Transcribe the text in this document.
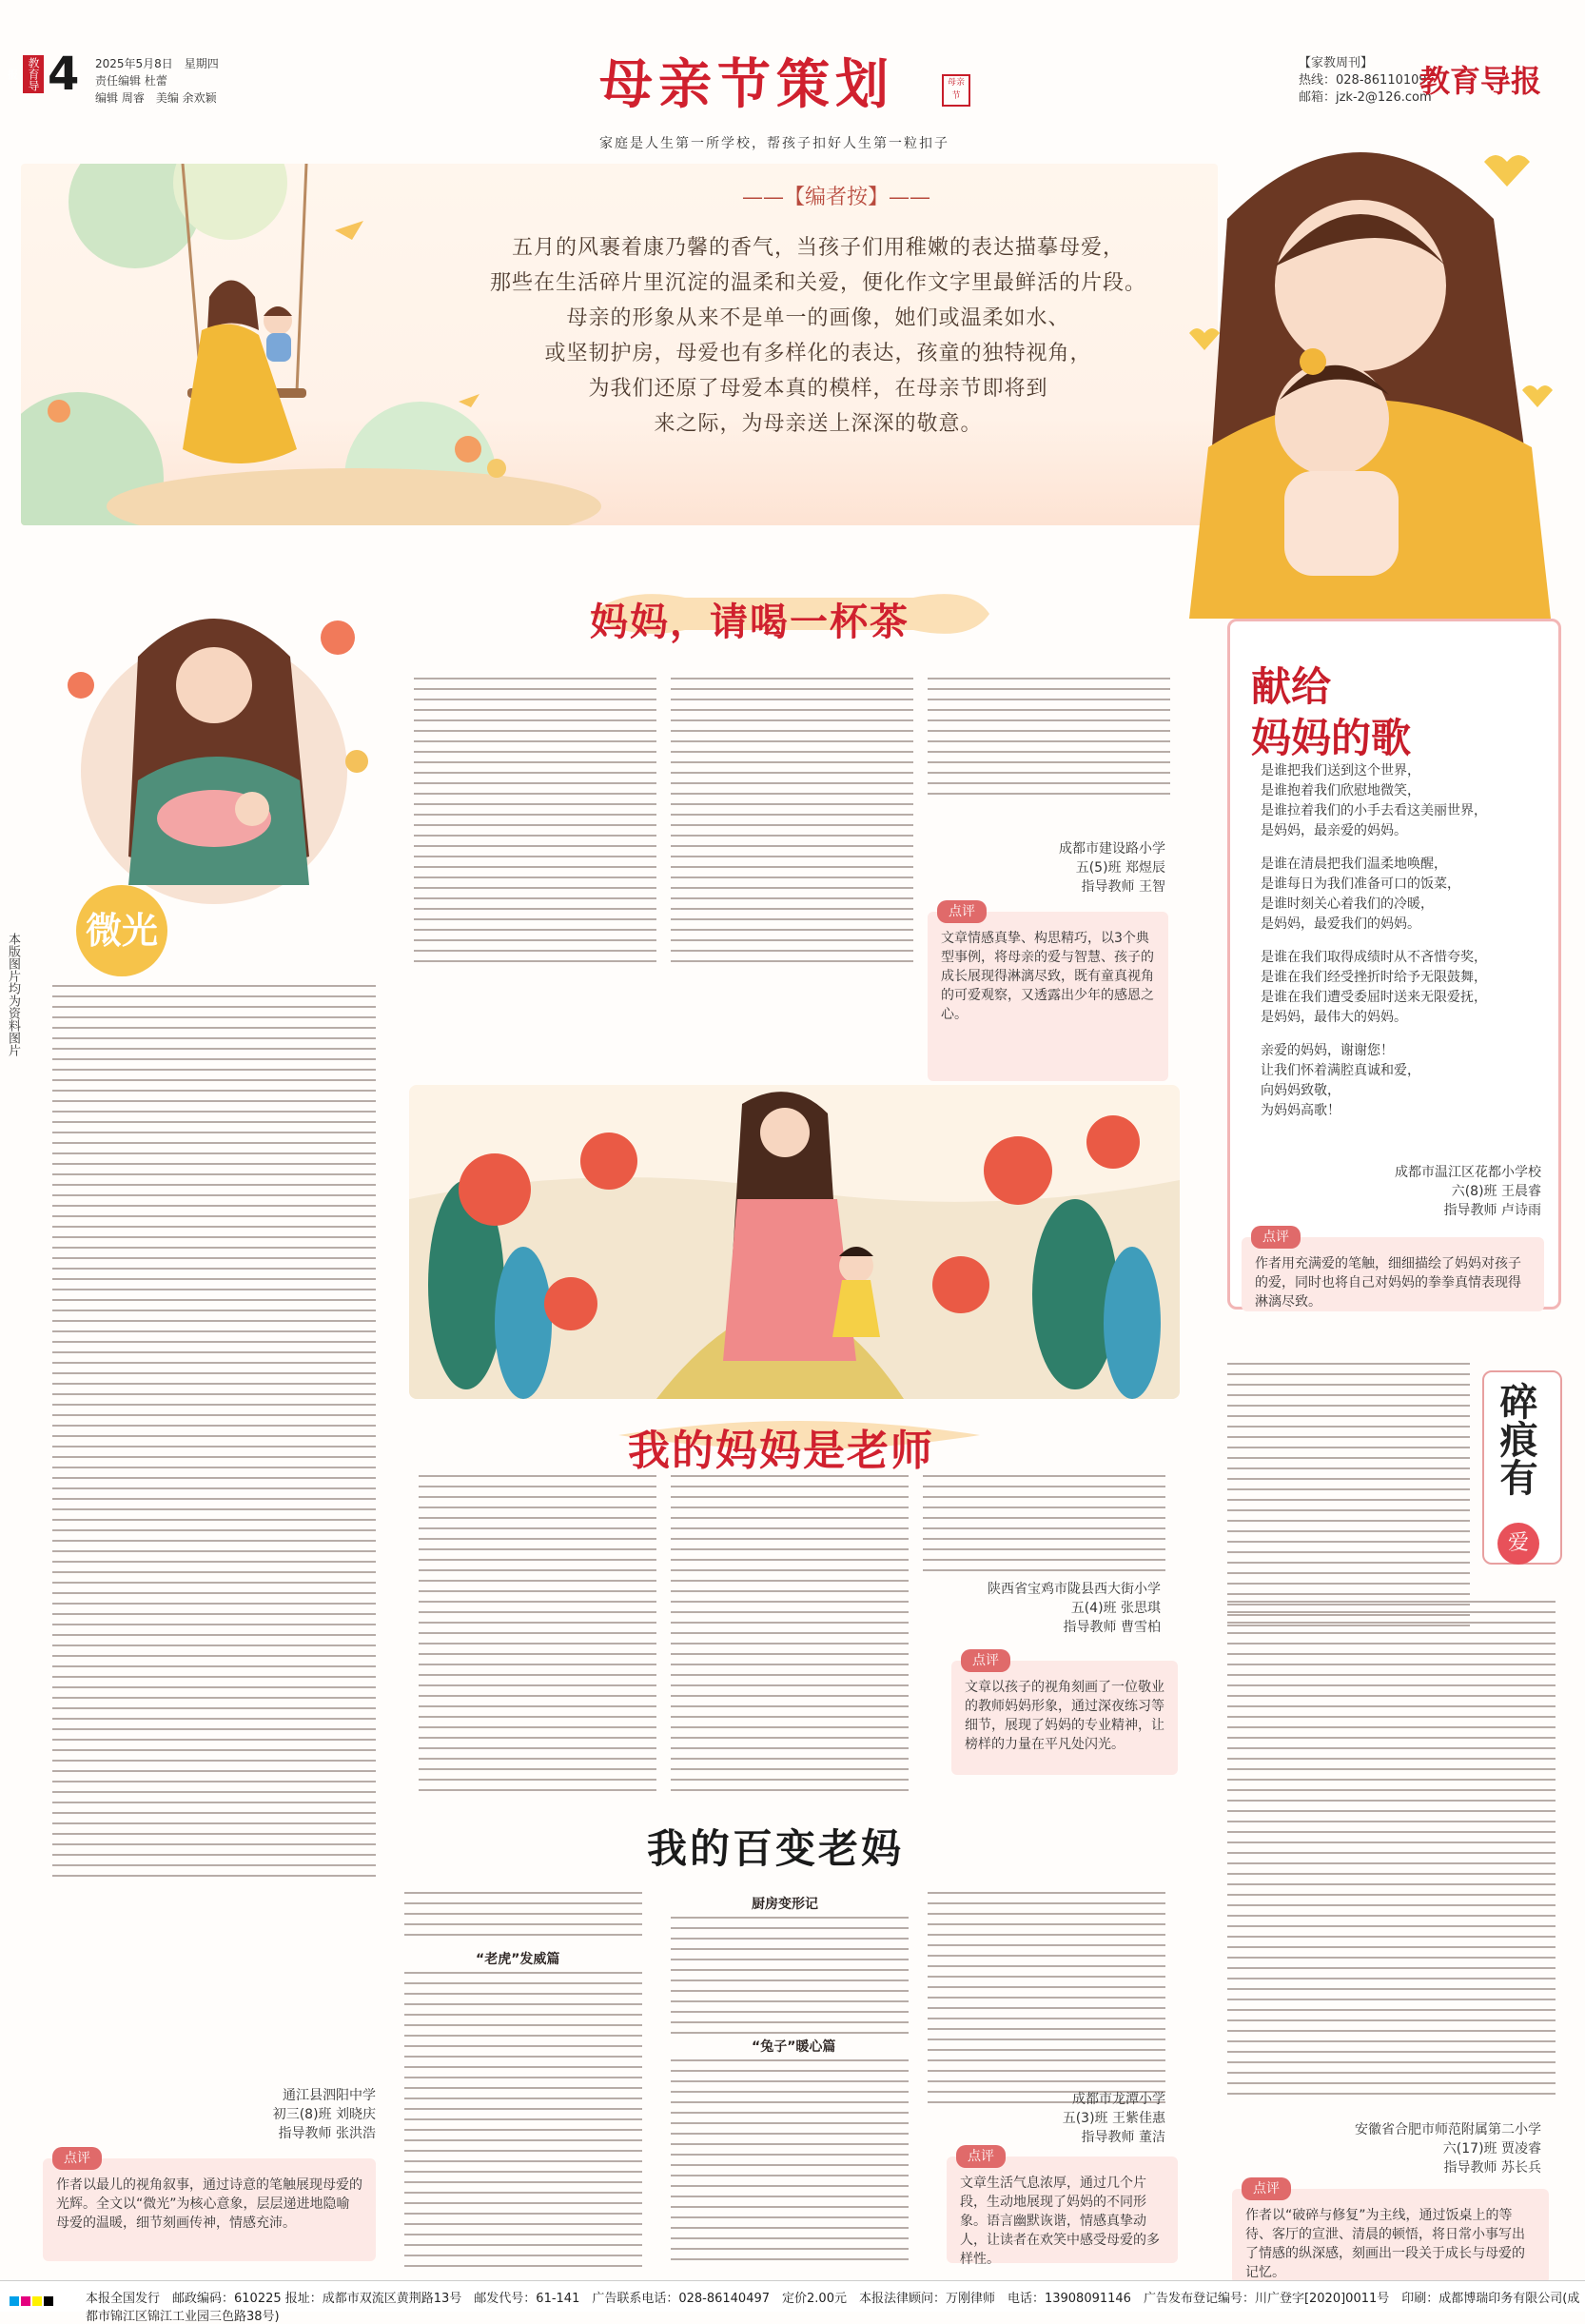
教育导报 4 2025年5月8日　星期四
责任编辑 杜蕾
编辑 周睿　美编 余欢颖	母亲节策划	母亲节
家庭是人生第一所学校，帮孩子扣好人生第一粒扣子
【家教周刊】
热线：028-86110109
邮箱：jzk-2@126.com
教育导报
——【编者按】——
五月的风裹着康乃馨的香气，当孩子们用稚嫩的表达描摹母爱，
那些在生活碎片里沉淀的温柔和关爱，便化作文字里最鲜活的片段。
母亲的形象从来不是单一的画像，她们或温柔如水、
或坚韧护房，母爱也有多样化的表达，孩童的独特视角，
为我们还原了母爱本真的模样，在母亲节即将到
来之际，为母亲送上深深的敬意。
妈妈，请喝一杯茶
成都市建设路小学
五(5)班 郑煜辰
指导教师 王智
点评
文章情感真挚、构思精巧，以3个典型事例，将母亲的爱与智慧、孩子的成长展现得淋漓尽致，既有童真视角的可爱观察，又透露出少年的感恩之心。
献给
妈妈的歌
是谁把我们送到这个世界，
是谁抱着我们欣慰地微笑，
是谁拉着我们的小手去看这美丽世界，
是妈妈，最亲爱的妈妈。
是谁在清晨把我们温柔地唤醒，
是谁每日为我们准备可口的饭菜，
是谁时刻关心着我们的冷暖，
是妈妈，最爱我们的妈妈。
是谁在我们取得成绩时从不吝惜夸奖，
是谁在我们经受挫折时给予无限鼓舞，
是谁在我们遭受委屈时送来无限爱抚，
是妈妈，最伟大的妈妈。
亲爱的妈妈，谢谢您！
让我们怀着满腔真诚和爱，
向妈妈致敬，
为妈妈高歌！
成都市温江区花都小学校
六(8)班 王晨睿
指导教师 卢诗雨
点评
作者用充满爱的笔触，细细描绘了妈妈对孩子的爱，同时也将自己对妈妈的拳拳真情表现得淋漓尽致。
微光
本版图片均为资料图片
通江县泗阳中学
初三(8)班 刘晓庆
指导教师 张洪浩
点评
作者以最儿的视角叙事，通过诗意的笔触展现母爱的光辉。全文以“微光”为核心意象，层层递进地隐喻母爱的温暖，细节刻画传神，情感充沛。
我的妈妈是老师
陕西省宝鸡市陇县西大街小学
五(4)班 张思琪
指导教师 曹雪柏
点评
文章以孩子的视角刻画了一位敬业的教师妈妈形象，通过深夜练习等细节，展现了妈妈的专业精神，让榜样的力量在平凡处闪光。
我的百变老妈
“老虎”发威篇
厨房变形记
“兔子”暖心篇
成都市龙潭小学
五(3)班 王紫佳惠
指导教师 董洁
点评
文章生活气息浓厚，通过几个片段，生动地展现了妈妈的不同形象。语言幽默诙谐，情感真挚动人，让读者在欢笑中感受母爱的多样性。
碎痕有
爱
安徽省合肥市师范附属第二小学
六(17)班 贾凌睿
指导教师 苏长兵
点评
作者以“破碎与修复”为主线，通过饭桌上的等待、客厅的宣泄、清晨的顿悟，将日常小事写出了情感的纵深感，刻画出一段关于成长与母爱的记忆。
本报全国发行　邮政编码：610225 报址：成都市双流区黄荆路13号　邮发代号：61-141　广告联系电话：028-86140497　定价2.00元　本报法律顾问：万刚律师　电话：13908091146　广告发布登记编号：川广登字[2020]0011号　印刷：成都博瑞印务有限公司(成都市锦江区锦江工业园三色路38号)
